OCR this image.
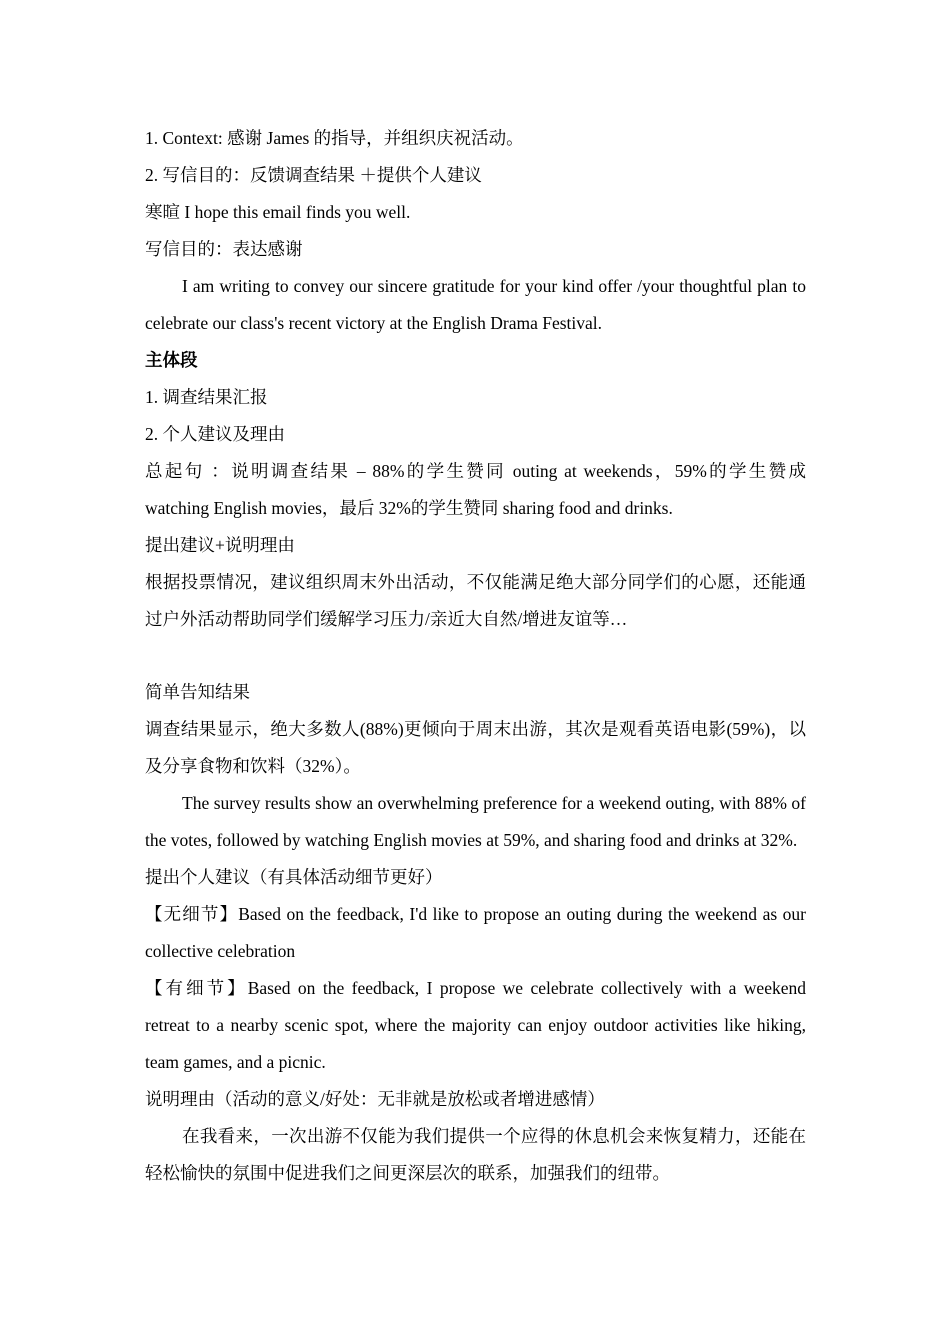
1. Context: 感谢 James 的指导，并组织庆祝活动。

2. 写信目的：反馈调查结果 ＋提供个人建议

寒暄 I hope this email finds you well.

写信目的：表达感谢

I am writing to convey our sincere gratitude for your kind offer /your thoughtful plan to celebrate our class's recent victory at the English Drama Festival.

主体段

1. 调查结果汇报

2. 个人建议及理由

总起句 ：说明调查结果 – 88%的学生赞同 outing at weekends，59%的学生赞成 watching English movies，最后 32%的学生赞同 sharing food and drinks.

提出建议+说明理由

根据投票情况，建议组织周末外出活动，不仅能满足绝大部分同学们的心愿，还能通过户外活动帮助同学们缓解学习压力/亲近大自然/增进友谊等…

简单告知结果

调查结果显示，绝大多数人(88%)更倾向于周末出游，其次是观看英语电影(59%)，以及分享食物和饮料（32%）。

The survey results show an overwhelming preference for a weekend outing, with 88% of the votes, followed by watching English movies at 59%, and sharing food and drinks at 32%.

提出个人建议（有具体活动细节更好）

【无细节】Based on the feedback, I'd like to propose an outing during the weekend as our collective celebration

【有细节】Based on the feedback, I propose we celebrate collectively with a weekend retreat to a nearby scenic spot, where the majority can enjoy outdoor activities like hiking, team games, and a picnic.

说明理由（活动的意义/好处：无非就是放松或者增进感情）

在我看来，一次出游不仅能为我们提供一个应得的休息机会来恢复精力，还能在轻松愉快的氛围中促进我们之间更深层次的联系，加强我们的纽带。
